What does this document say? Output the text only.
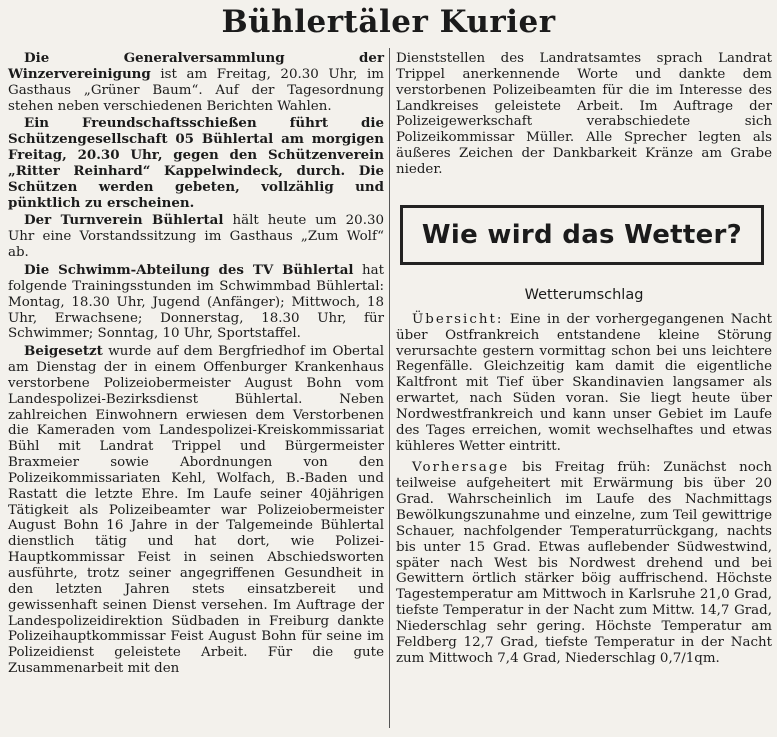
Bühlertäler Kurier

Die Generalversammlung der Winzervereinigung ist am Freitag, 20.30 Uhr, im Gasthaus „Grüner Baum“. Auf der Tagesordnung stehen neben verschiedenen Berichten Wahlen.

Ein Freundschaftsschießen führt die Schützengesellschaft 05 Bühlertal am morgigen Freitag, 20.30 Uhr, gegen den Schützenverein „Ritter Reinhard“ Kappelwindeck, durch. Die Schützen werden gebeten, vollzählig und pünktlich zu erscheinen.

Der Turnverein Bühlertal hält heute um 20.30 Uhr eine Vorstandssitzung im Gasthaus „Zum Wolf“ ab.

Die Schwimm-Abteilung des TV Bühlertal hat folgende Trainingsstunden im Schwimmbad Bühlertal: Montag, 18.30 Uhr, Jugend (Anfänger); Mittwoch, 18 Uhr, Erwachsene; Donnerstag, 18.30 Uhr, für Schwimmer; Sonntag, 10 Uhr, Sportstaffel.

Beigesetzt wurde auf dem Bergfriedhof im Obertal am Dienstag der in einem Offenburger Krankenhaus verstorbene Polizeiobermeister August Bohn vom Landespolizei-Bezirksdienst Bühlertal. Neben zahlreichen Einwohnern erwiesen dem Verstorbenen die Kameraden vom Landespolizei-Kreiskommissariat Bühl mit Landrat Trippel und Bürgermeister Braxmeier sowie Abordnungen von den Polizeikommissariaten Kehl, Wolfach, B.-Baden und Rastatt die letzte Ehre. Im Laufe seiner 40jährigen Tätigkeit als Polizeibeamter war Polizeiobermeister August Bohn 16 Jahre in der Talgemeinde Bühlertal dienstlich tätig und hat dort, wie Polizei-Hauptkommissar Feist in seinen Abschiedsworten ausführte, trotz seiner angegriffenen Gesundheit in den letzten Jahren stets einsatzbereit und gewissenhaft seinen Dienst versehen. Im Auftrage der Landespolizeidirektion Südbaden in Freiburg dankte Polizeihauptkommissar Feist August Bohn für seine im Polizeidienst geleistete Arbeit. Für die gute Zusammenarbeit mit den

Dienststellen des Landratsamtes sprach Landrat Trippel anerkennende Worte und dankte dem verstorbenen Polizeibeamten für die im Interesse des Landkreises geleistete Arbeit. Im Auftrage der Polizeigewerkschaft verabschiedete sich Polizeikommissar Müller. Alle Sprecher legten als äußeres Zeichen der Dankbarkeit Kränze am Grabe nieder.

Wie wird das Wetter?
Wetterumschlag

Übersicht: Eine in der vorhergegangenen Nacht über Ostfrankreich entstandene kleine Störung verursachte gestern vormittag schon bei uns leichtere Regenfälle. Gleichzeitig kam damit die eigentliche Kaltfront mit Tief über Skandinavien langsamer als erwartet, nach Süden voran. Sie liegt heute über Nordwestfrankreich und kann unser Gebiet im Laufe des Tages erreichen, womit wechselhaftes und etwas kühleres Wetter eintritt.

Vorhersage bis Freitag früh: Zunächst noch teilweise aufgeheitert mit Erwärmung bis über 20 Grad. Wahrscheinlich im Laufe des Nachmittags Bewölkungszunahme und einzelne, zum Teil gewittrige Schauer, nachfolgender Temperaturrückgang, nachts bis unter 15 Grad. Etwas auflebender Südwestwind, später nach West bis Nordwest drehend und bei Gewittern örtlich stärker böig auffrischend. Höchste Tagestemperatur am Mittwoch in Karlsruhe 21,0 Grad, tiefste Temperatur in der Nacht zum Mittw. 14,7 Grad, Niederschlag sehr gering. Höchste Temperatur am Feldberg 12,7 Grad, tiefste Temperatur in der Nacht zum Mittwoch 7,4 Grad, Niederschlag 0,7/1qm.
